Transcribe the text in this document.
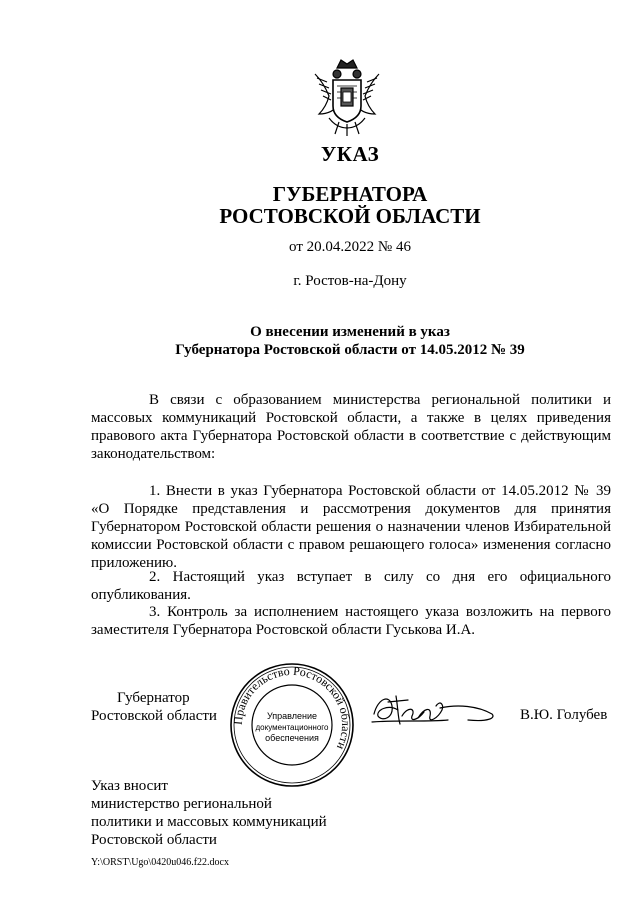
УКАЗ
ГУБЕРНАТОРА
РОСТОВСКОЙ ОБЛАСТИ
от 20.04.2022 № 46
г. Ростов-на-Дону
О внесении изменений в указ
Губернатора Ростовской области от 14.05.2012 № 39

В связи с образованием министерства региональной политики и массовых коммуникаций Ростовской области, а также в целях приведения правового акта Губернатора Ростовской области в соответствие с действующим законодательством:

1. Внести в указ Губернатора Ростовской области от 14.05.2012 № 39 «О Порядке представления и рассмотрения документов для принятия Губернатором Ростовской области решения о назначении членов Избирательной комиссии Ростовской области с правом решающего голоса» изменения согласно приложению.

2. Настоящий указ вступает в силу со дня его официального опубликования.

3. Контроль за исполнением настоящего указа возложить на первого заместителя Губернатора Ростовской области Гуськова И.А.

Губернатор
Ростовской области Правительство Ростовской области
Управление
документационного
обеспечения
В.Ю. Голубев
Указ вносит
министерство региональной
политики и массовых коммуникаций
Ростовской области
Y:\ORST\Ugo\0420u046.f22.docx
